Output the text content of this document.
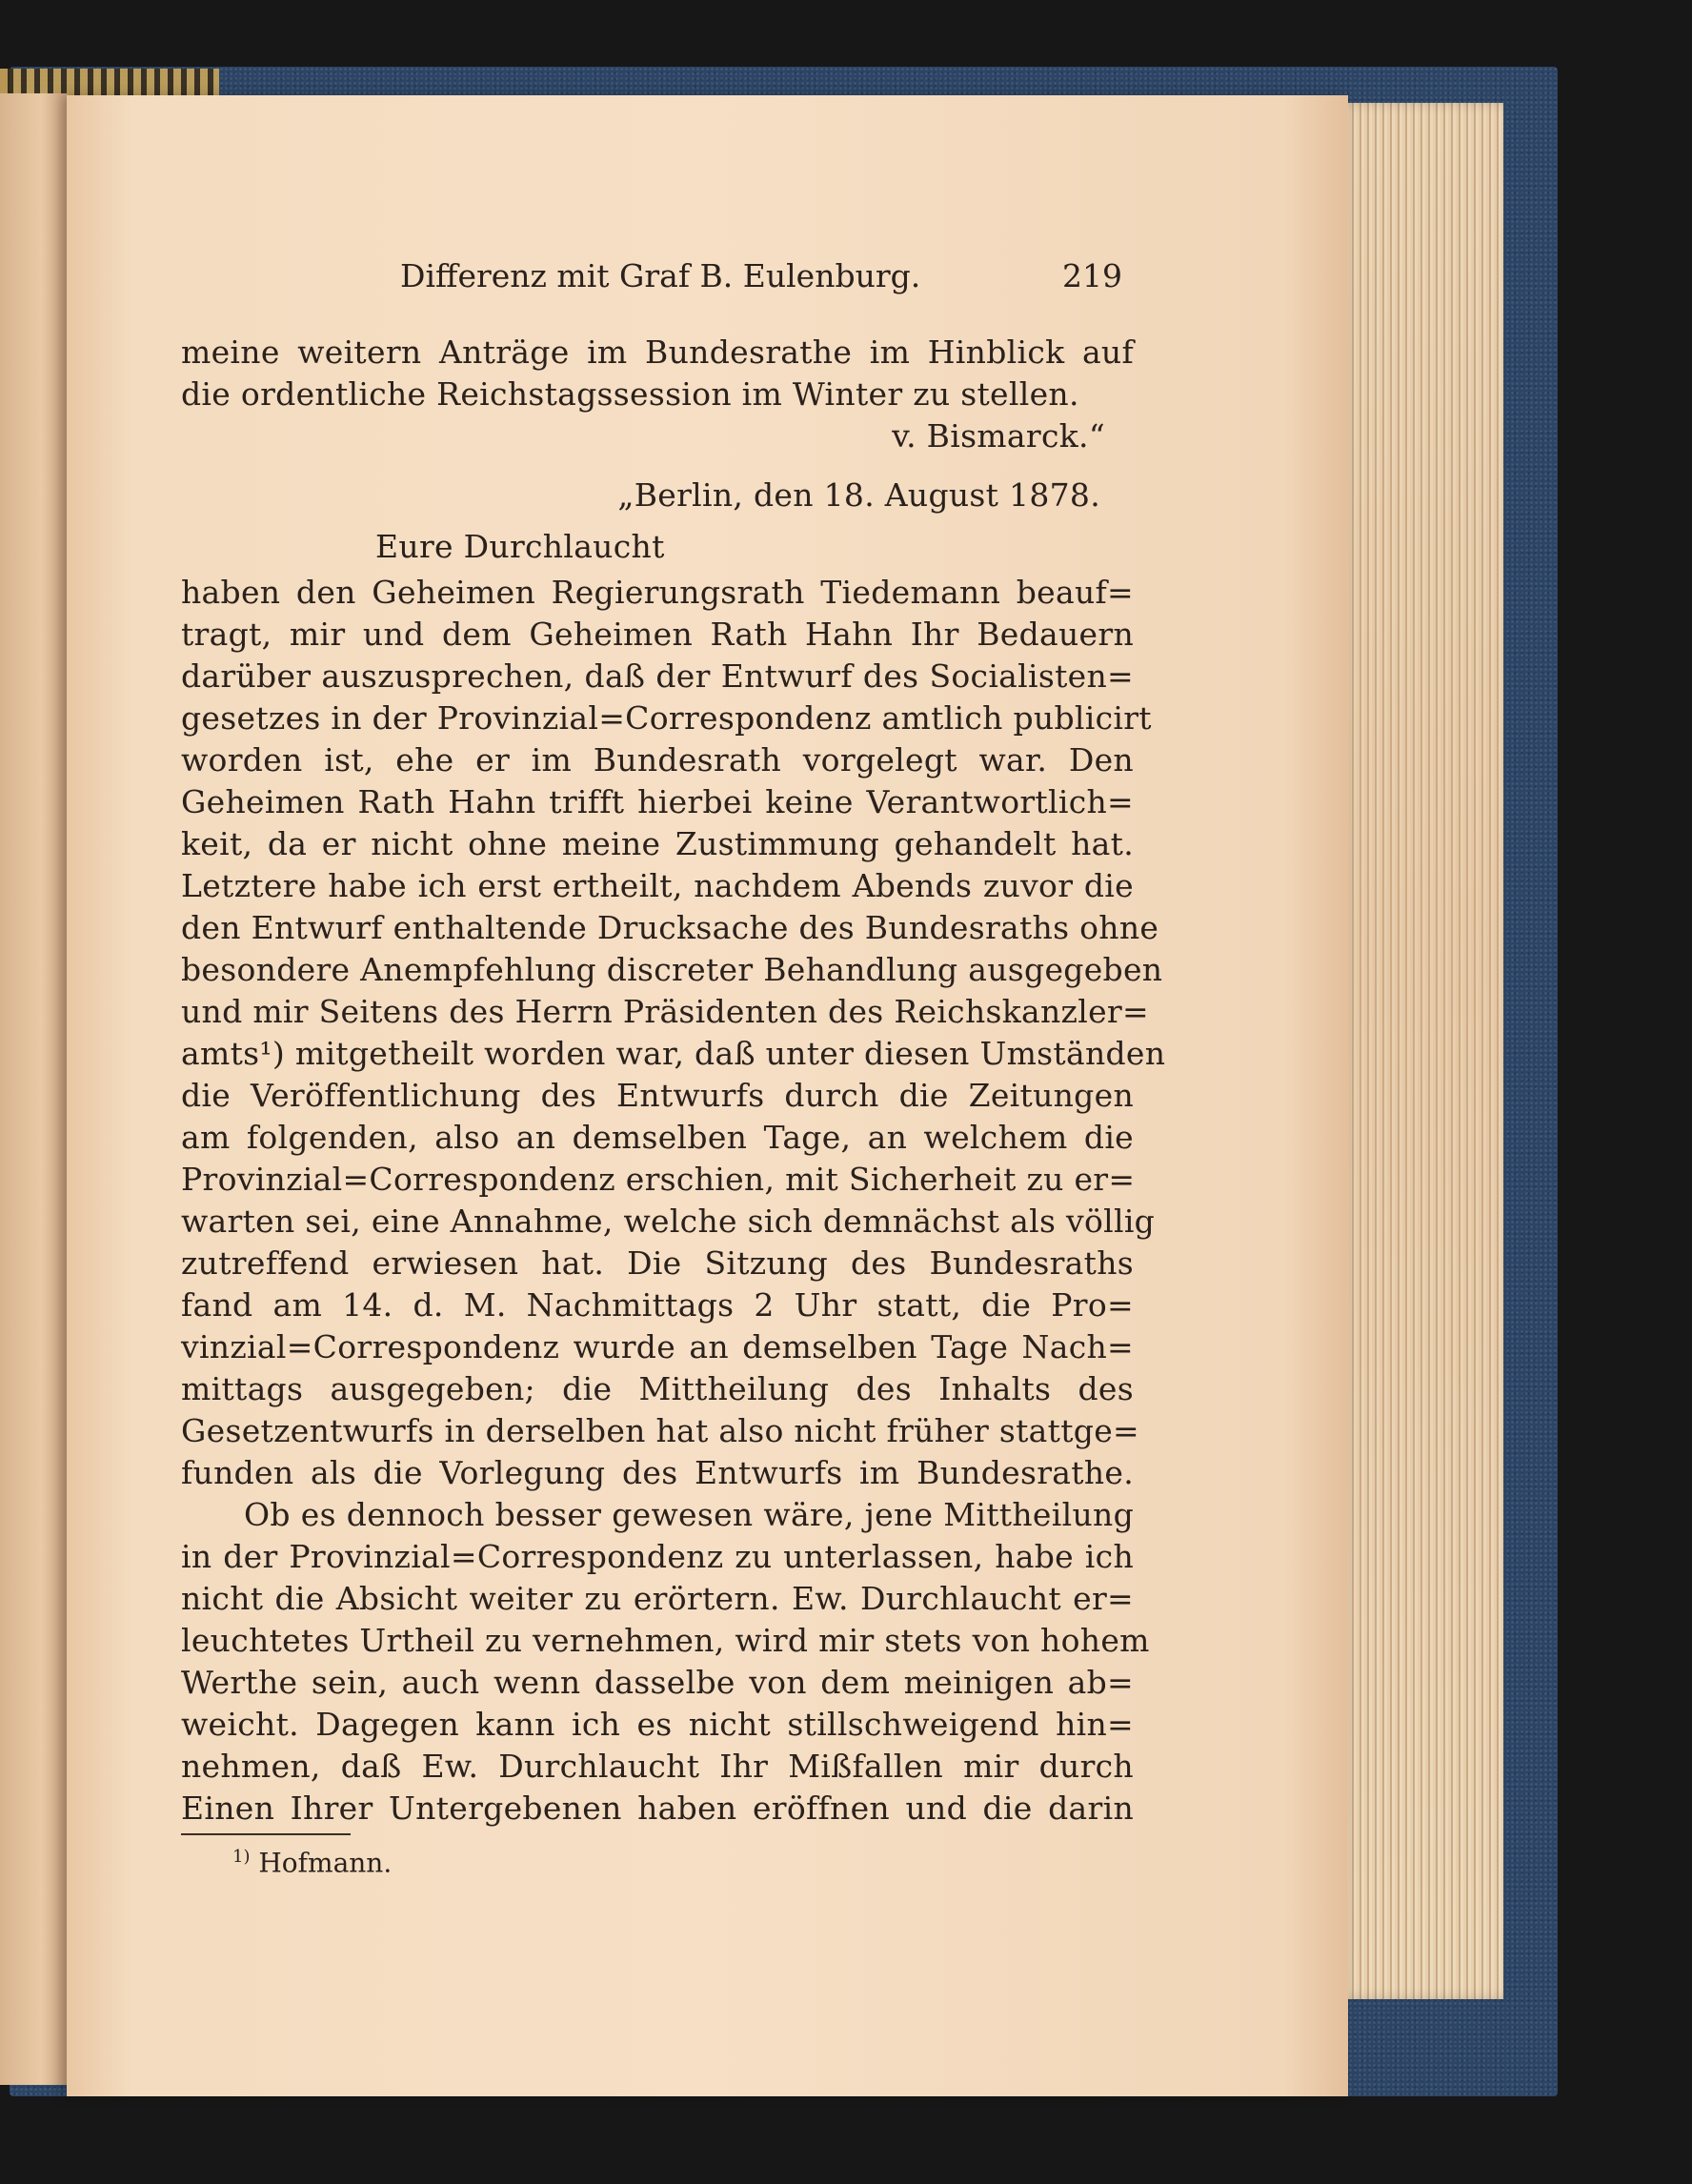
Differenz mit Graf B. Eulenburg.	219
meine weitern Anträge im Bundesrathe im Hinblick auf
die ordentliche Reichstagssession im Winter zu stellen.
v. Bismarck.“
„Berlin, den 18. August 1878.
Eure Durchlaucht
haben den Geheimen Regierungsrath Tiedemann beauf=
tragt, mir und dem Geheimen Rath Hahn Ihr Bedauern
darüber auszusprechen, daß der Entwurf des Socialisten=
gesetzes in der Provinzial=Correspondenz amtlich publicirt
worden ist, ehe er im Bundesrath vorgelegt war. Den
Geheimen Rath Hahn trifft hierbei keine Verantwortlich=
keit, da er nicht ohne meine Zustimmung gehandelt hat.
Letztere habe ich erst ertheilt, nachdem Abends zuvor die
den Entwurf enthaltende Drucksache des Bundesraths ohne
besondere Anempfehlung discreter Behandlung ausgegeben
und mir Seitens des Herrn Präsidenten des Reichskanzler=
amts¹) mitgetheilt worden war, daß unter diesen Umständen
die Veröffentlichung des Entwurfs durch die Zeitungen
am folgenden, also an demselben Tage, an welchem die
Provinzial=Correspondenz erschien, mit Sicherheit zu er=
warten sei, eine Annahme, welche sich demnächst als völlig
zutreffend erwiesen hat. Die Sitzung des Bundesraths
fand am 14. d. M. Nachmittags 2 Uhr statt, die Pro=
vinzial=Correspondenz wurde an demselben Tage Nach=
mittags ausgegeben; die Mittheilung des Inhalts des
Gesetzentwurfs in derselben hat also nicht früher stattge=
funden als die Vorlegung des Entwurfs im Bundesrathe.
Ob es dennoch besser gewesen wäre, jene Mittheilung
in der Provinzial=Correspondenz zu unterlassen, habe ich
nicht die Absicht weiter zu erörtern. Ew. Durchlaucht er=
leuchtetes Urtheil zu vernehmen, wird mir stets von hohem
Werthe sein, auch wenn dasselbe von dem meinigen ab=
weicht. Dagegen kann ich es nicht stillschweigend hin=
nehmen, daß Ew. Durchlaucht Ihr Mißfallen mir durch
Einen Ihrer Untergebenen haben eröffnen und die darin
$^{1)}$ Hofmann.
